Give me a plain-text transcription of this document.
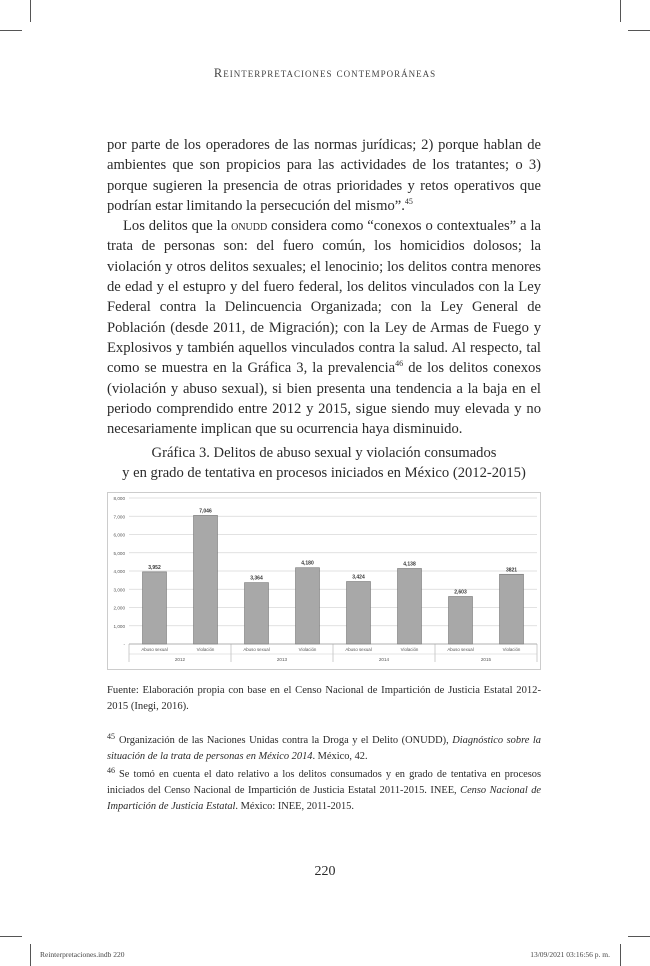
Reinterpretaciones contemporáneas

por parte de los operadores de las normas jurídicas; 2) porque hablan de ambientes que son propicios para las actividades de los tratantes; o 3) porque sugieren la presencia de otras prioridades y retos operativos que podrían estar limitando la persecución del mismo”.$^{45}$

Los delitos que la onudd considera como “conexos o contextuales” a la trata de personas son: del fuero común, los homicidios dolosos; la violación y otros delitos sexuales; el lenocinio; los delitos contra menores de edad y el estupro y del fuero federal, los delitos vinculados con la Ley Federal contra la Delincuencia Organizada; con la Ley General de Población (desde 2011, de Migración); con la Ley de Armas de Fuego y Explosivos y también aquellos vinculados contra la salud. Al respecto, tal como se muestra en la Gráfica 3, la prevalencia$^{46}$ de los delitos conexos (violación y abuso sexual), si bien presenta una tendencia a la baja en el periodo comprendido entre 2012 y 2015, sigue siendo muy elevada y no necesariamente implican que su ocurrencia haya disminuido.

Gráfica 3. Delitos de abuso sexual y violación consumados
y en grado de tentativa en procesos iniciados en México (2012-2015)
8,000
7,000
6,000
5,000
4,000
3,000
2,000
1,000
-
3,952
Abuso sexual
7,046
Violación
3,364
Abuso sexual
4,180
Violación
3,424
Abuso sexual
4,138
Violación
2,603
Abuso sexual
3821
Violación
2012	2013	2014	2015
Fuente: Elaboración propia con base en el Censo Nacional de Impartición de Justicia Estatal 2012-2015 (Inegi, 2016).
$^{45}$ Organización de las Naciones Unidas contra la Droga y el Delito (ONUDD), Diagnóstico sobre la situación de la trata de personas en México 2014. México, 42.
$^{46}$ Se tomó en cuenta el dato relativo a los delitos consumados y en grado de tentativa en procesos iniciados del Censo Nacional de Impartición de Justicia Estatal 2011-2015. INEE, Censo Nacional de Impartición de Justicia Estatal. México: INEE, 2011-2015.
220
Reinterpretaciones.indb 220	13/09/2021 03:16:56 p. m.
